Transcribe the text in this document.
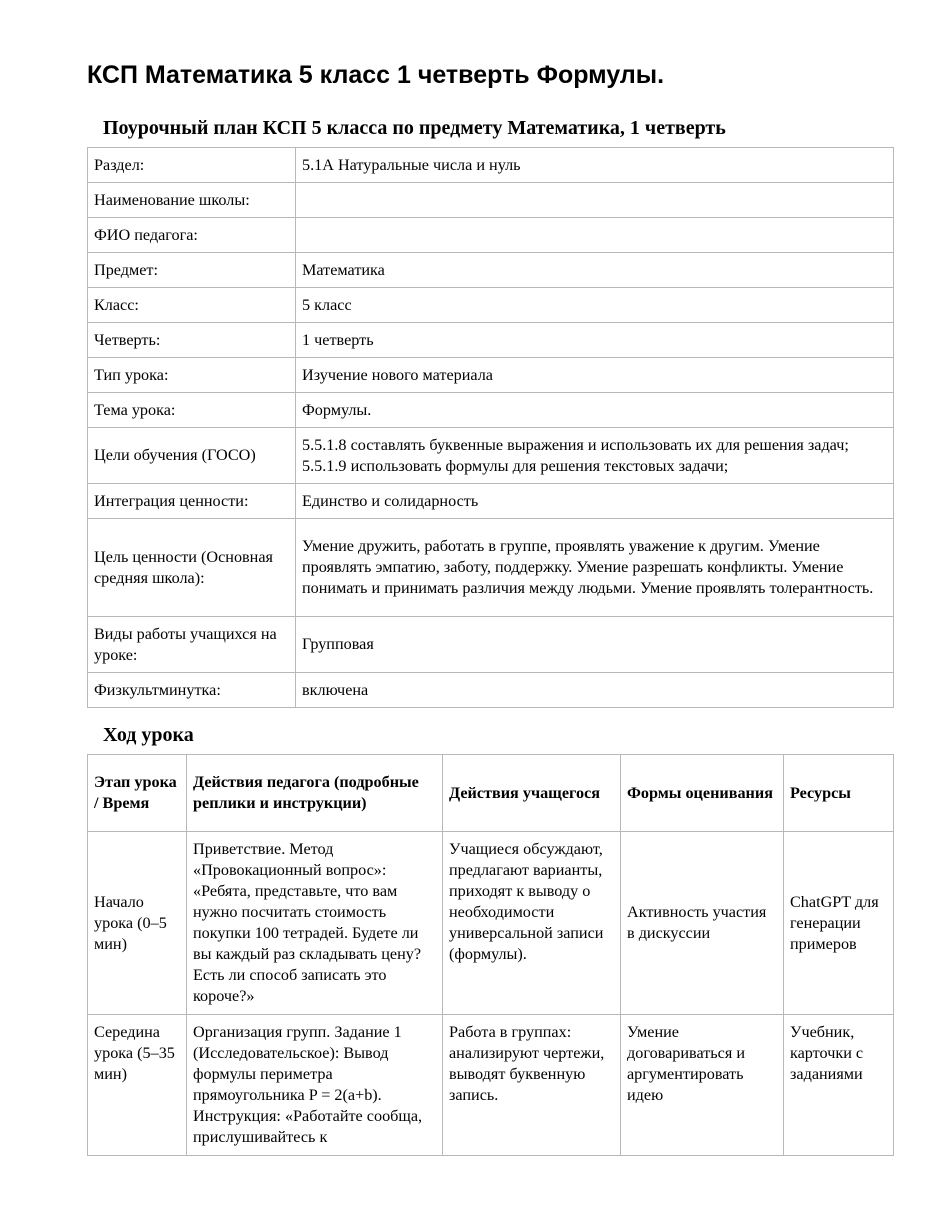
КСП Математика 5 класс 1 четверть Формулы.
Поурочный план КСП 5 класса по предмету Математика, 1 четверть
Раздел:	5.1А Натуральные числа и нуль
Наименование школы:	
ФИО педагога:	
Предмет:	Математика
Класс:	5 класс
Четверть:	1 четверть
Тип урока:	Изучение нового материала
Тема урока:	Формулы.
Цели обучения (ГОСО)	5.5.1.8 составлять буквенные выражения и использовать их для решения задач; 5.5.1.9 использовать формулы для решения текстовых задачи;
Интеграция ценности:	Единство и солидарность
Цель ценности (Основная средняя школа):	Умение дружить, работать в группе, проявлять уважение к другим. Умение проявлять эмпатию, заботу, поддержку. Умение разрешать конфликты. Умение понимать и принимать различия между людьми. Умение проявлять толерантность.
Виды работы учащихся на уроке:	Групповая
Физкультминутка:	включена
Ход урока
Этап урока / Время	Действия педагога (подробные реплики и инструкции)	Действия учащегося	Формы оценивания	Ресурсы
Начало урока (0–5 мин)	Приветствие. Метод «Провокационный вопрос»: «Ребята, представьте, что вам нужно посчитать стоимость покупки 100 тетрадей. Будете ли вы каждый раз складывать цену? Есть ли способ записать это короче?»	Учащиеся обсуждают, предлагают варианты, приходят к выводу о необходимости универсальной записи (формулы).	Активность участия в дискуссии	ChatGPT для генерации примеров
Середина урока (5–35 мин)	Организация групп. Задание 1 (Исследовательское): Вывод формулы периметра прямоугольника P = 2(a+b). Инструкция: «Работайте сообща, прислушивайтесь к	Работа в группах: анализируют чертежи, выводят буквенную запись.	Умение договариваться и аргументировать идею	Учебник, карточки с заданиями
